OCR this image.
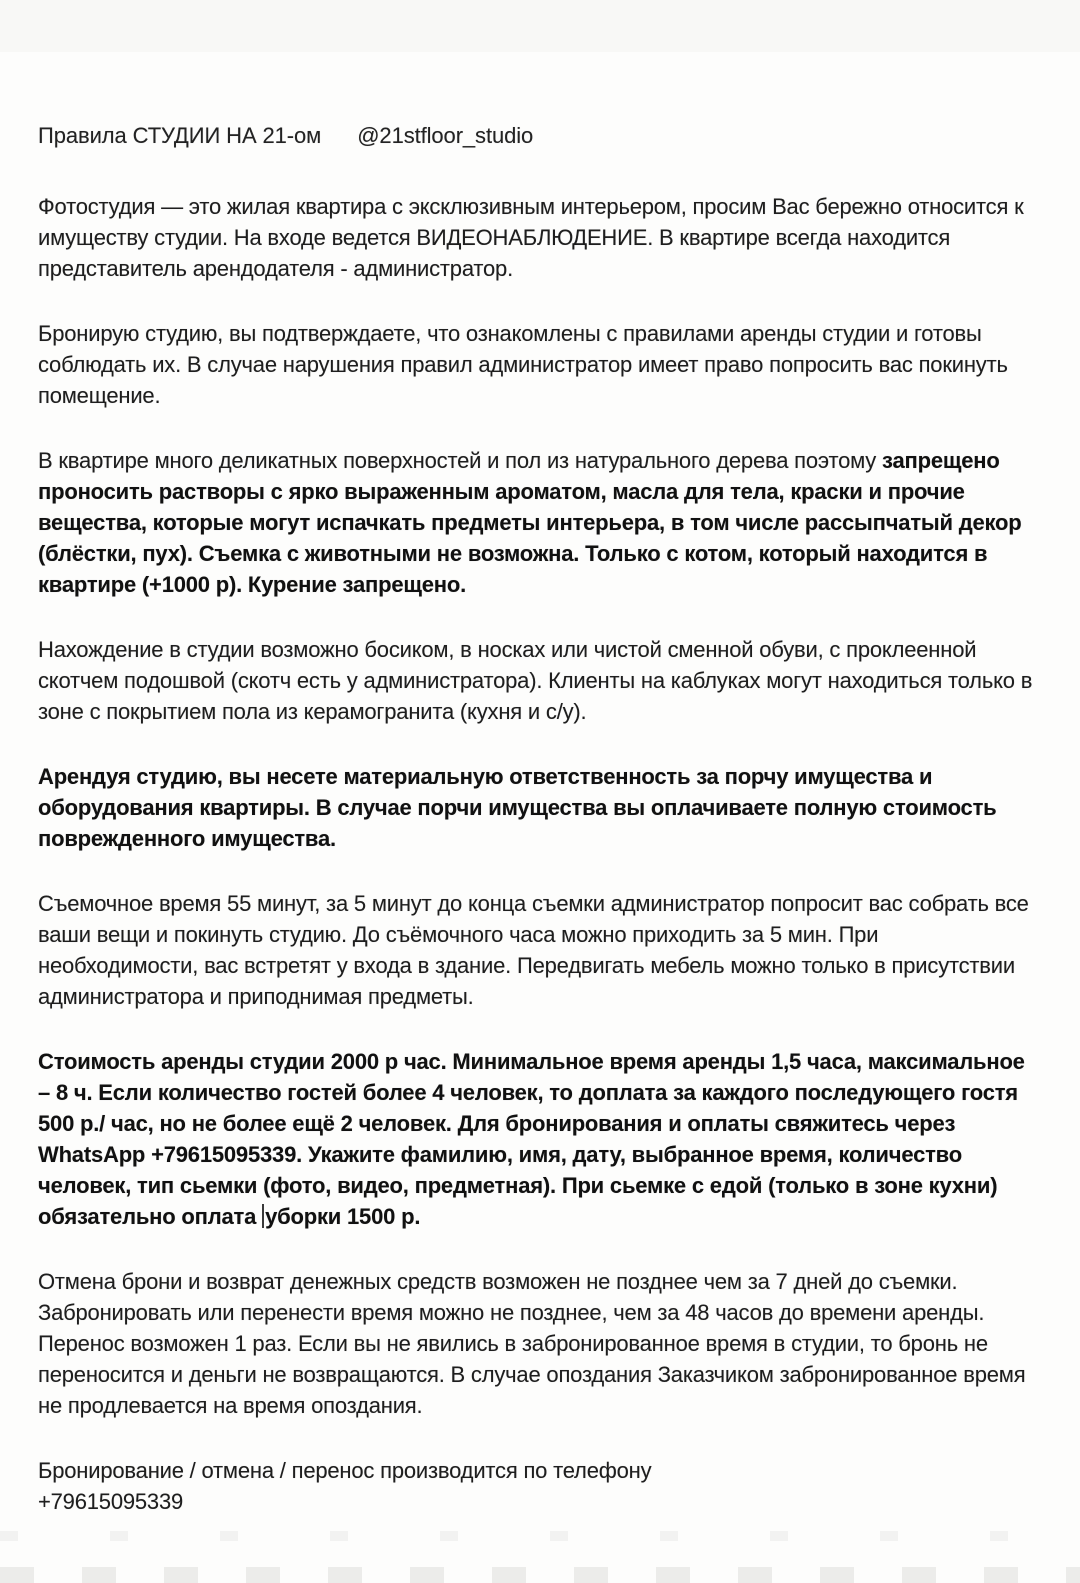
Правила СТУДИИ НА 21-ом @21stfloor_studio

Фотостудия — это жилая квартира с эксклюзивным интерьером, просим Вас бережно относится к имуществу студии. На входе ведется ВИДЕОНАБЛЮДЕНИЕ. В квартире всегда находится представитель арендодателя - администратор.

Бронирую студию, вы подтверждаете, что ознакомлены с правилами аренды студии и готовы соблюдать их. В случае нарушения правил администратор имеет право попросить вас покинуть помещение.

В квартире много деликатных поверхностей и пол из натурального дерева поэтому запрещено проносить растворы с ярко выраженным ароматом, масла для тела, краски и прочие вещества, которые могут испачкать предметы интерьера, в том числе рассыпчатый декор (блёстки, пух). Съемка с животными не возможна. Только с котом, который находится в квартире (+1000 р). Курение запрещено.

Нахождение в студии возможно босиком, в носках или чистой сменной обуви, с проклеенной скотчем подошвой (скотч есть у администратора). Клиенты на каблуках могут находиться только в зоне с покрытием пола из керамогранита (кухня и с/у).

Арендуя студию, вы несете материальную ответственность за порчу имущества и оборудования квартиры. В случае порчи имущества вы оплачиваете полную стоимость поврежденного имущества.

Съемочное время 55 минут, за 5 минут до конца съемки администратор попросит вас собрать все ваши вещи и покинуть студию. До съёмочного часа можно приходить за 5 мин. При необходимости, вас встретят у входа в здание. Передвигать мебель можно только в присутствии администратора и приподнимая предметы.

Стоимость аренды студии 2000 р час. Минимальное время аренды 1,5 часа, максимальное – 8 ч. Если количество гостей более 4 человек, то доплата за каждого последующего гостя 500 р./ час, но не более ещё 2 человек. Для бронирования и оплаты свяжитесь через WhatsApp +79615095339. Укажите фамилию, имя, дату, выбранное время, количество человек, тип сьемки (фото, видео, предметная). При сьемке с едой (только в зоне кухни) обязательно оплата уборки 1500 р.

Отмена брони и возврат денежных средств возможен не позднее чем за 7 дней до съемки. Забронировать или перенести время можно не позднее, чем за 48 часов до времени аренды. Перенос возможен 1 раз. Если вы не явились в забронированное время в студии, то бронь не переносится и деньги не возвращаются. В случае опоздания Заказчиком забронированное время не продлевается на время опоздания.

Бронирование / отмена / перенос производится по телефону
+79615095339
